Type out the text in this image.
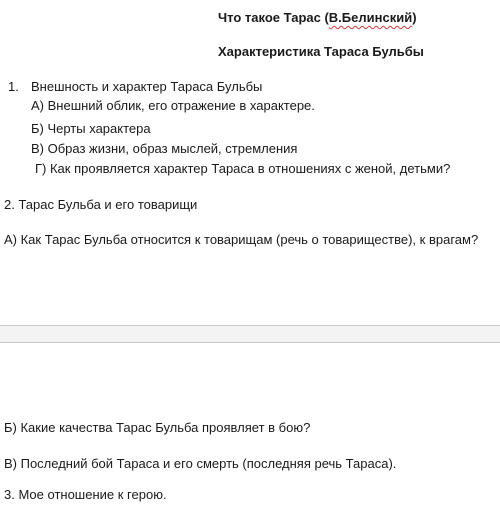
Что такое Тарас (В.Белинский)
Характеристика Тараса Бульбы
1. Внешность и характер Тараса Бульбы
А) Внешний облик, его отражение в характере.
Б) Черты характера
В) Образ жизни, образ мыслей, стремления
Г) Как проявляется характер Тараса в отношениях с женой, детьми?
2. Тарас Бульба и его товарищи
А) Как Тарас Бульба относится к товарищам (речь о товариществе), к врагам?
Б) Какие качества Тарас Бульба проявляет в бою?
В) Последний бой Тараса и его смерть (последняя речь Тараса).
3. Мое отношение к герою.
